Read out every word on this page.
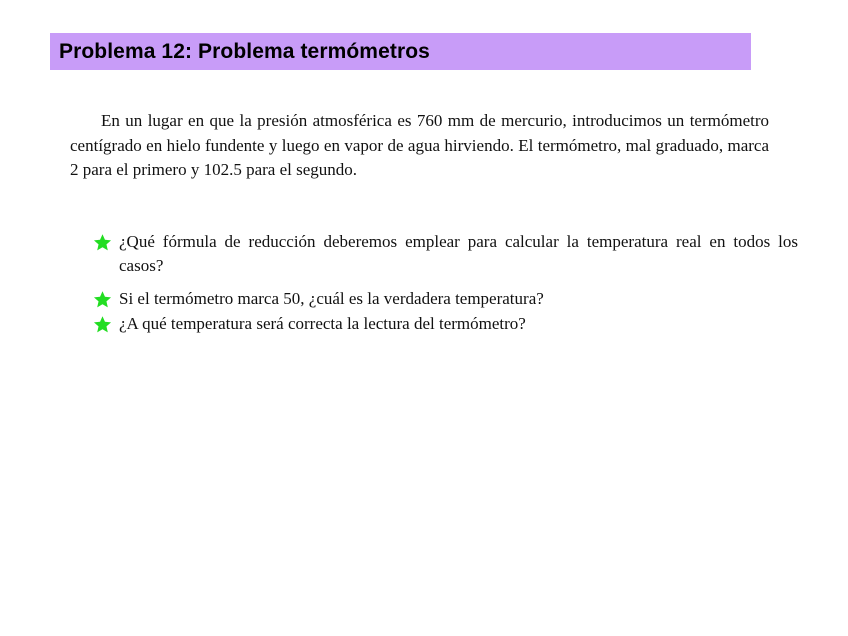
Problema 12: Problema termómetros

En un lugar en que la presión atmosférica es 760 mm de mercurio, introducimos un termómetro centígrado en hielo fundente y luego en vapor de agua hirviendo. El termómetro, mal graduado, marca 2 para el primero y 102.5 para el segundo.

¿Qué fórmula de reducción deberemos emplear para calcular la temperatura real en todos los casos?
Si el termómetro marca 50, ¿cuál es la verdadera temperatura?
¿A qué temperatura será correcta la lectura del termómetro?
